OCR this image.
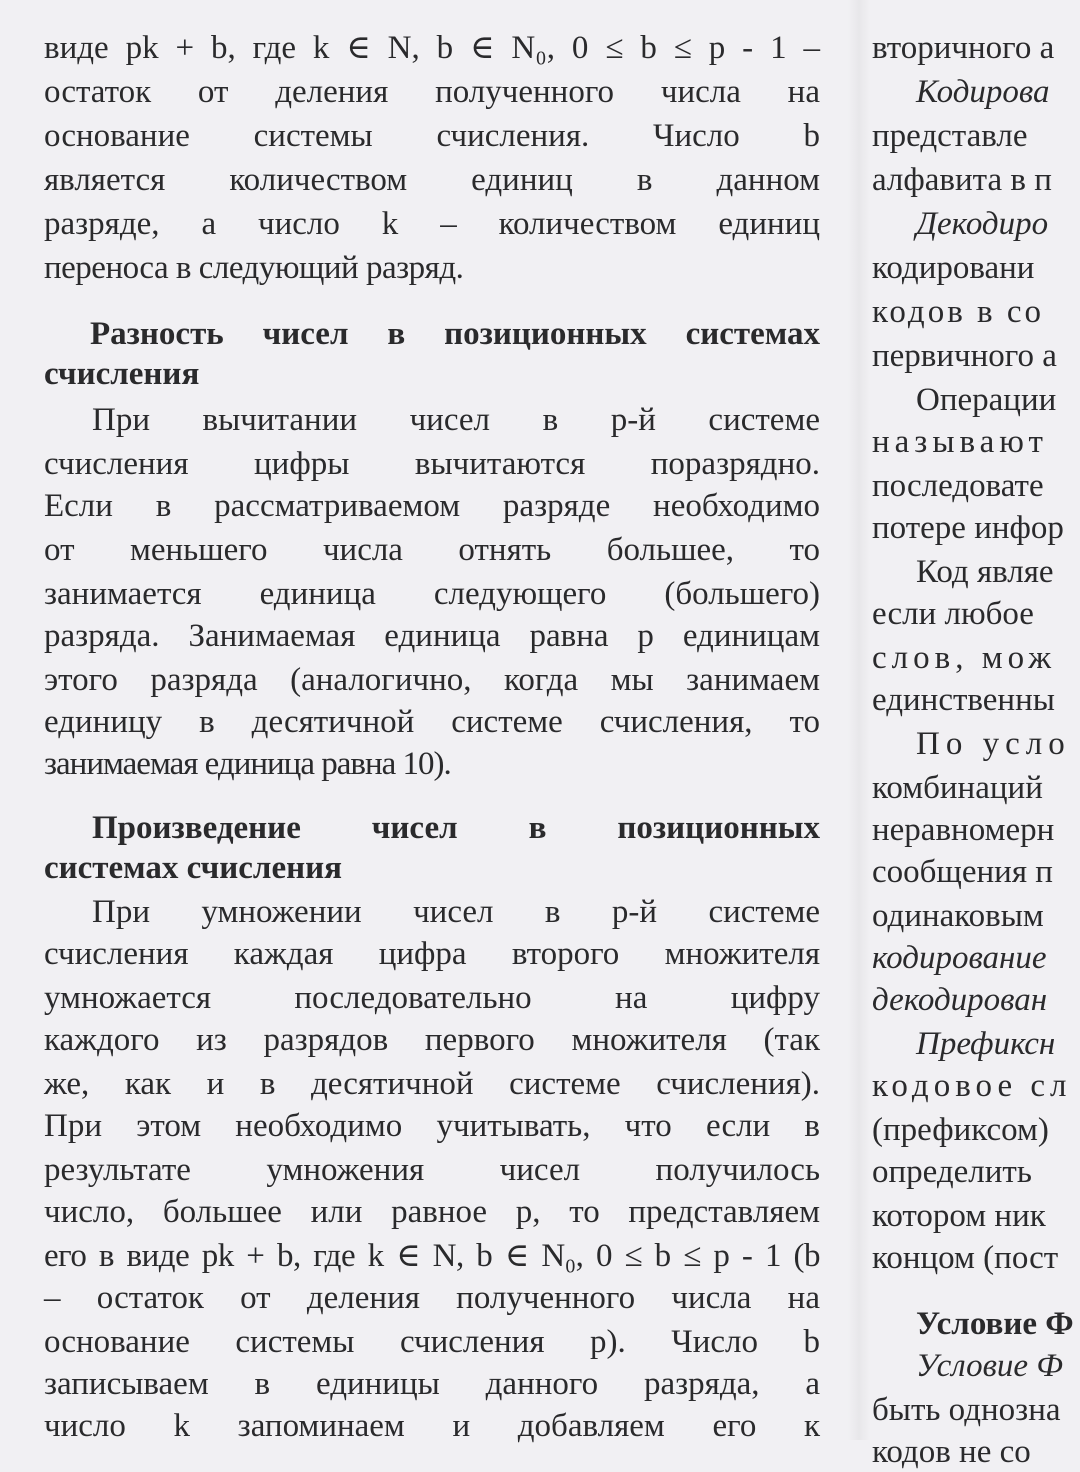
виде pk + b, где k ∈ N, b ∈ N₀, 0 ≤ b ≤ p - 1 –
остаток от деления полученного числа на
основание системы счисления. Число b
является количеством единиц в данном
разряде, а число k – количеством единиц
переноса в следующий разряд.
Разность чисел в позиционных системах
счисления
При вычитании чисел в p-й системе
счисления цифры вычитаются поразрядно.
Если в рассматриваемом разряде необходимо
от меньшего числа отнять большее, то
занимается единица следующего (большего)
разряда. Занимаемая единица равна p единицам
этого разряда (аналогично, когда мы занимаем
единицу в десятичной системе счисления, то
занимаемая единица равна 10).
Произведение чисел в позиционных
системах счисления
При умножении чисел в p-й системе
счисления каждая цифра второго множителя
умножается последовательно на цифру
каждого из разрядов первого множителя (так
же, как и в десятичной системе счисления).
При этом необходимо учитывать, что если в
результате умножения чисел получилось
число, большее или равное p, то представляем
его в виде pk + b, где k ∈ N, b ∈ N₀, 0 ≤ b ≤ p - 1 (b
– остаток от деления полученного числа на
основание системы счисления p). Число b
записываем в единицы данного разряда, а
число k запоминаем и добавляем его к
вторичного а
Кодирова
представле
алфавита в п
Декодиро
кодировани
кодов в со
первичного а
Операции
называют
последовате
потере инфор
Код являе
если любое
слов, мож
единственны
По усло
комбинаций
неравномерн
сообщения п
одинаковым
кодирование
декодирован
Префиксн
кодовое сл
(префиксом)
определить
котором ник
концом (пост
Условие Ф
Условие Ф
быть однозна
кодов не со
